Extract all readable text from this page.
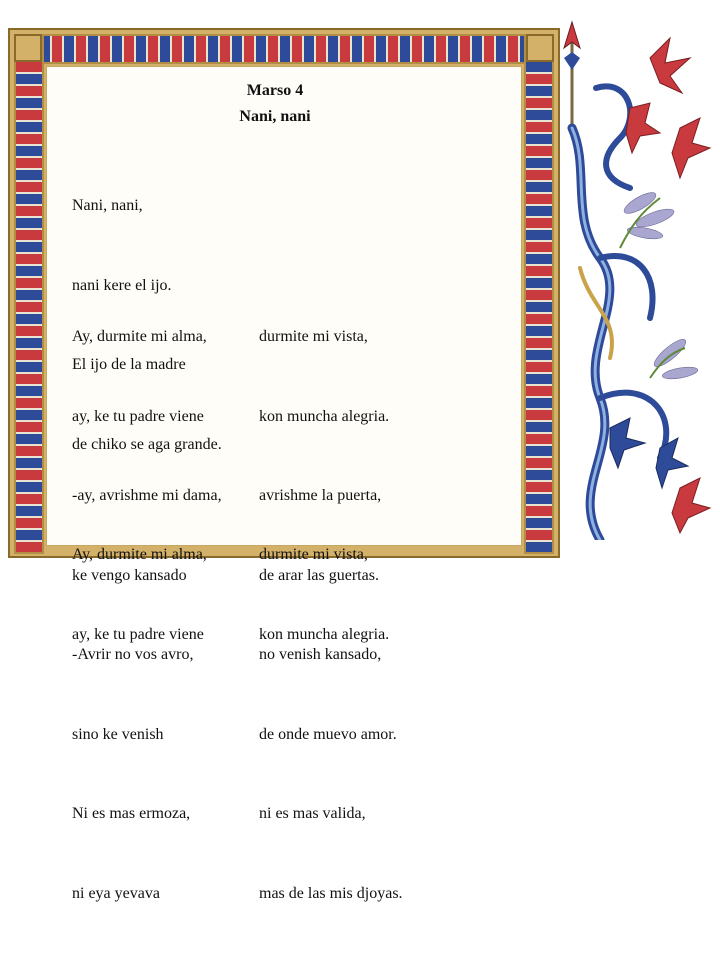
Marso 4
Nani, nani

Nani, nani,

nani kere el ijo.

El ijo de la madre

de chiko se aga grande.

Ay, durmite mi alma,

ay, ke tu padre viene

-ay, avrishme mi dama,

ke vengo kansado

-Avrir no vos avro,

sino ke venish

Ni es mas ermoza,

ni eya yevava

durmite mi vista,

kon muncha alegria.

avrishme la puerta,

de arar las guertas.

no venish kansado,

de onde muevo amor.

ni es mas valida,

mas de las mis djoyas.

Ay, durmite mi alma,

ay, ke tu padre viene

durmite mi vista,

kon muncha alegria.
